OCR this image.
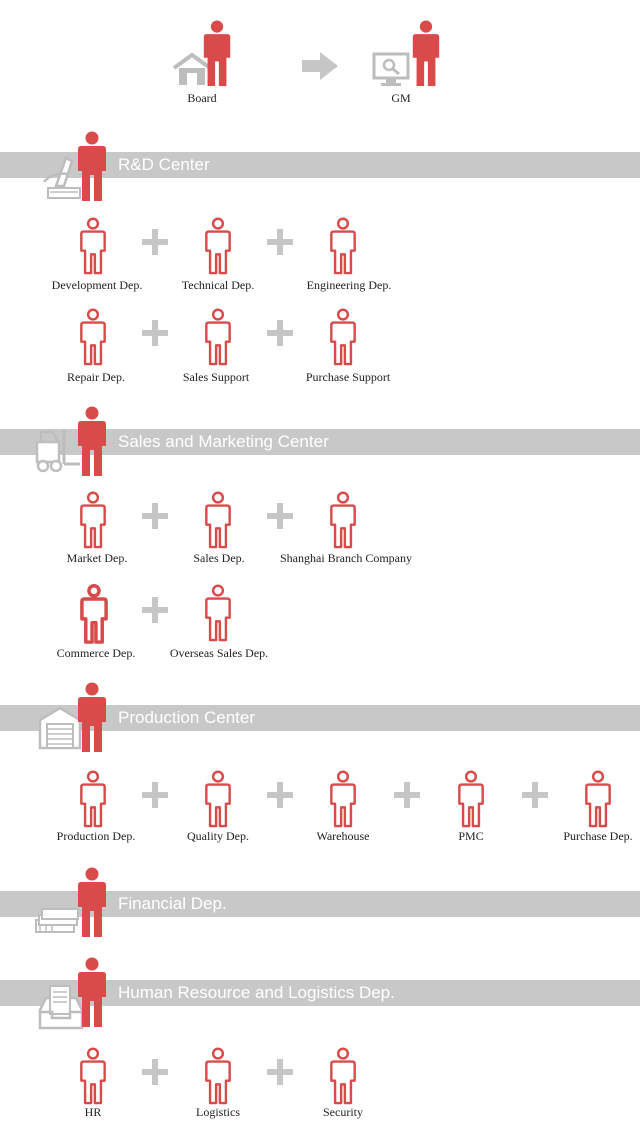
Board	GM
R&D Center
Development Dep.	Technical Dep.	Engineering Dep.
Repair Dep.	Sales Support	Purchase Support
Sales and Marketing Center
Market Dep.	Sales Dep.	Shanghai Branch Company
Commerce Dep.	Overseas Sales Dep.
Production Center
Production Dep.	Quality Dep.	Warehouse	PMC	Purchase Dep.
Financial Dep.
Human Resource and Logistics Dep.
HR	Logistics	Security
